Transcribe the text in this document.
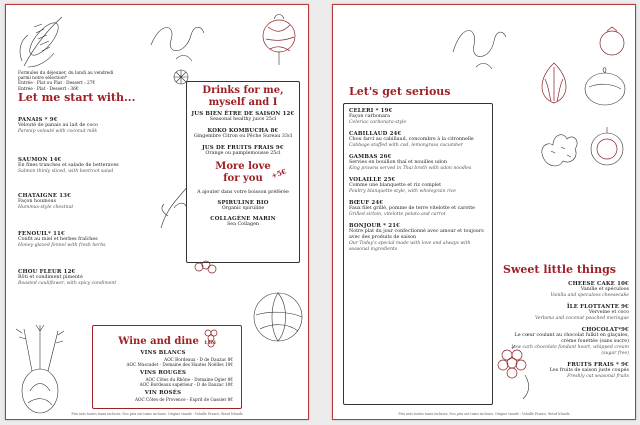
Formules du déjeuner, du lundi au vendredi
parmi notre sélection*
Entrée · Plat ou Plat · Dessert : 27€
Entrée · Plat · Dessert : 36€
Let me start with...
PANAIS * 9€
Velouté de panais au lait de coco
Parsnip velouté with coconut milk
SAUMON 14€
En fines tranches et salade de betteraves
Salmon thinly sliced, with beetroot salad
CHATAIGNE 13€
Façon houmous
Hummus-style chestnut
FENOUIL* 11€
Confit au miel et herbes fraîches
Honey-glazed fennel with fresh herbs
CHOU FLEUR 12€
Rôti et condiment pimenté
Roasted cauliflower, with spicy condiment
Drinks for me,
myself and I
JUS BIEN ÊTRE DE SAISON 12€
Seasonal healthy juice 25cl
KOKO KOMBUCHA 8€
Gingembre Citron ou Pêche Sureau 33cl
JUS DE FRUITS FRAIS 9€
Orange ou pamplemousse 25cl
More love
for you	+5€
A ajouter dans votre boisson préférée
SPIRULINE BIO
Organic spiruline
COLLAGÈNE MARIN
Sea Collagen
Wine and dine 15cl
VINS BLANCS
AOC Bordeaux - D de Dauzac 8€
AOC Muscadet - Domaine des Hautes Noëlles 10€
VINS ROUGES
AOC Côtes du Rhône - Domaine Ogier 8€
AOC Bordeaux supérieur - D de Dauzac 10€
VIN ROSÉS
AOC Côtes de Provence - Esprit de Gassier 8€
Prix nets toutes taxes incluses. Nos prix ont taxes incluses. Origine viande : Volaille France, Bœuf Irlande
Let's get serious
CELERI * 19€
Façon carbonara
Celeriac carbonara-style
CABILLAUD 24€
Chou farci au cabillaud, concombre à la citronnelle
Cabbage stuffed with cod, lemongrass cucumber
GAMBAS 26€
Servies en bouillon thaï et nouilles udon
King prawns served in Thai broth with udon noodles
VOLAILLE 25€
Comme une blanquette et riz complet
Poultry blanquette-style, with wholegrain rice
BŒUF 24€
Faux filet grillé, pomme de terre vitelotte et carotte
Grilled sirloin, vitelotte potato and carrot
BONJOUR * 21€
Notre plat du jour confectionné avec amour et toujours avec des produits de saison
Our Today's special made with love and always with seasonal ingredients
Sweet little things
CHEESE CAKE 10€
Vanille et spéculoos
Vanilla and speculoos cheesecake
ÎLE FLOTTANTE 9€
Verveine et coco
Verbena and coconut poached meringue
CHOCOLAT*9€
Le cœur coulant au chocolat fulkit en glaçules, crème fouettée (sans sucre)
Low carb chocolate fondant heart, whipped cream (sugar free)
FRUITS FRAIS * 9€
Les fruits de saison juste coupés
Freshly cut seasonal fruits
Prix nets toutes taxes incluses. Nos prix ont taxes incluses. Origine viande : Volaille France, Bœuf Irlande
